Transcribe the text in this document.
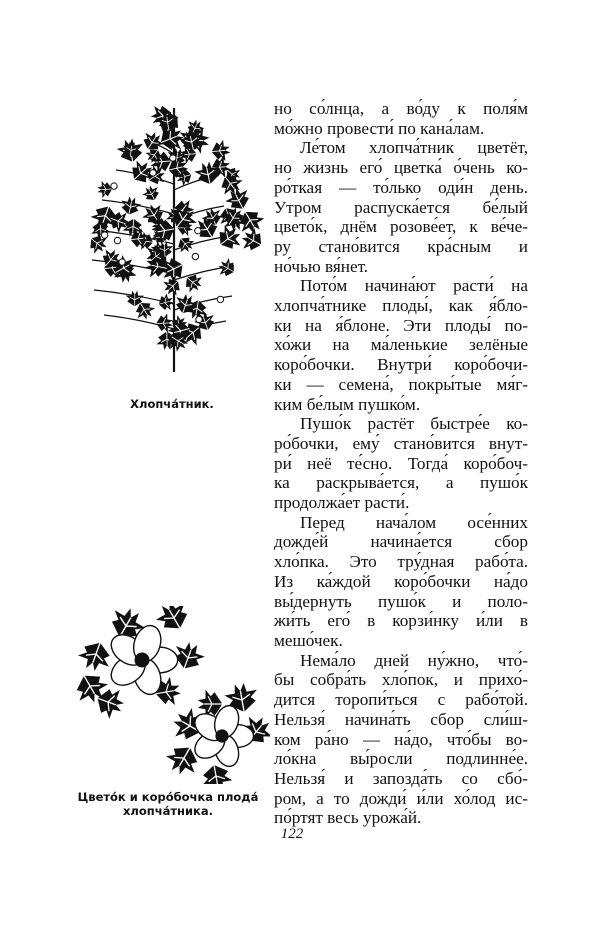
Хлопча́тник.
Цвето́к и коро́бочка плода́
хлопча́тника.
но со́лнца, а во́ду к поля́м
мо́жно провести́ по кана́лам.
Ле́том хлопча́тник цветёт,
но жизнь его́ цветка́ о́чень ко-
ро́ткая — то́лько оди́н день.
Утром распуска́ется бе́лый
цвето́к, днём розове́ет, к ве́че-
ру стано́вится кра́сным и
но́чью вя́нет.
Пото́м начина́ют расти́ на
хлопча́тнике плоды́, как я́бло-
ки на я́блоне. Эти плоды́ по-
хо́жи на ма́ленькие зелёные
коро́бочки. Внутри́ коро́бочи-
ки — семена́, покры́тые мя́г-
ким бе́лым пушко́м.
Пушо́к растёт быстре́е ко-
ро́бочки, ему́ стано́вится внут-
ри́ неё те́сно. Тогда́ коро́боч-
ка раскрыва́ется, а пушо́к
продолжа́ет расти́.
Перед нача́лом осе́нних
дожде́й начина́ется сбор
хло́пка. Это тру́дная рабо́та.
Из ка́ждой коро́бочки на́до
вы́дернуть пушо́к и поло-
жи́ть его́ в корзи́нку и́ли в
мешо́чек.
Нема́ло дней ну́жно, что́-
бы собра́ть хло́пок, и прихо́-
дится торопи́ться с рабо́той.
Нельзя́ начина́ть сбор сли́ш-
ком ра́но — на́до, что́бы во-
ло́кна вы́росли подлинне́е.
Нельзя́ и запозда́ть со сбо́-
ром, а то дожди́ и́ли хо́лод ис-
по́ртят весь урожа́й.
122
